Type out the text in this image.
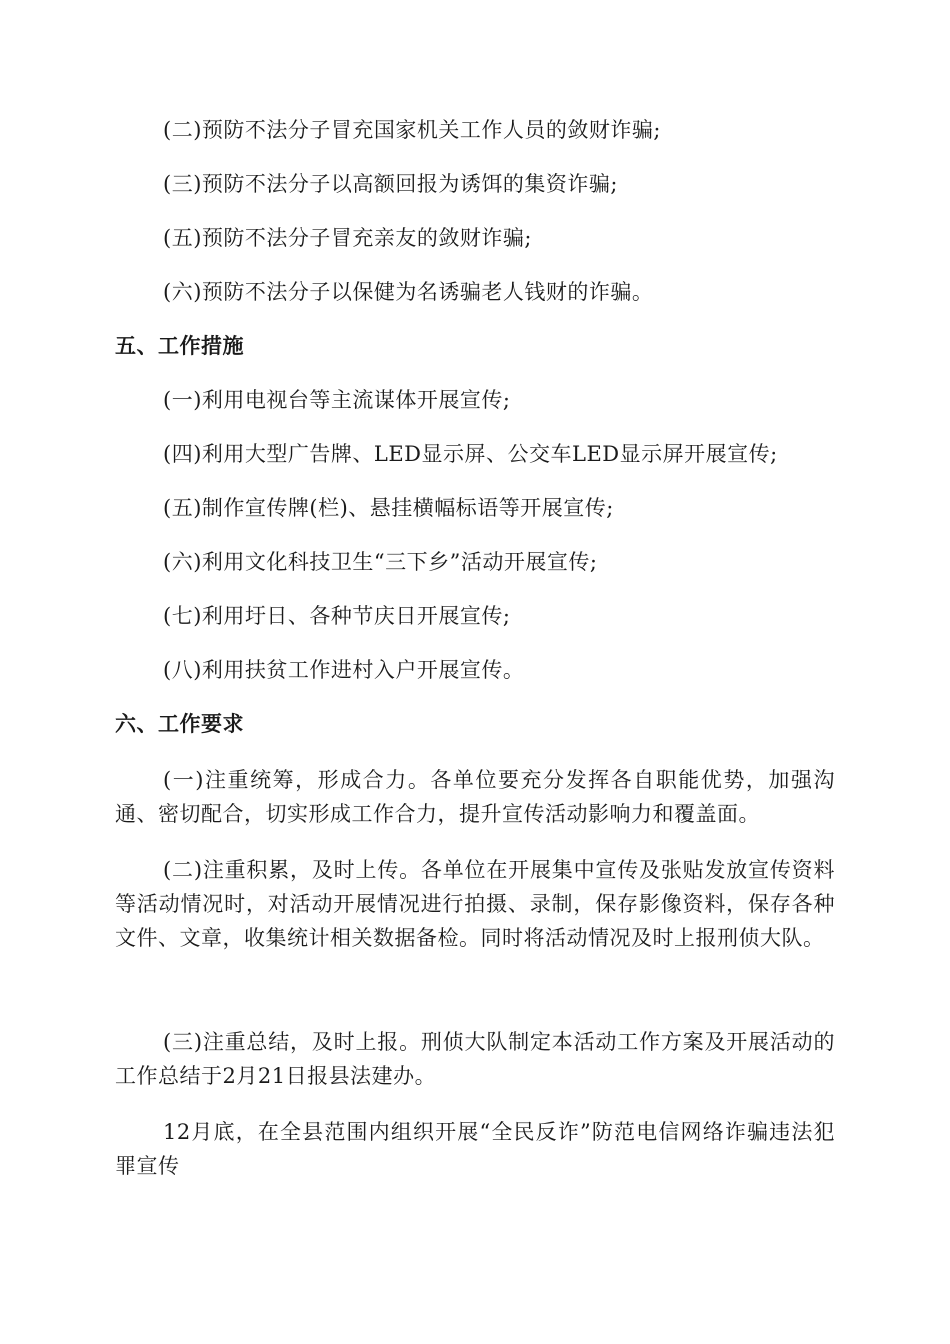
(二)预防不法分子冒充国家机关工作人员的敛财诈骗;
(三)预防不法分子以高额回报为诱饵的集资诈骗;
(五)预防不法分子冒充亲友的敛财诈骗;
(六)预防不法分子以保健为名诱骗老人钱财的诈骗。
五、工作措施
(一)利用电视台等主流谋体开展宣传;
(四)利用大型广告牌、LED显示屏、公交车LED显示屏开展宣传;
(五)制作宣传牌(栏)、悬挂横幅标语等开展宣传;
(六)利用文化科技卫生“三下乡”活动开展宣传;
(七)利用圩日、各种节庆日开展宣传;
(八)利用扶贫工作进村入户开展宣传。
六、工作要求
(一)注重统筹，形成合力。各单位要充分发挥各自职能优势，加强沟通、密切配合，切实形成工作合力，提升宣传活动影响力和覆盖面。
(二)注重积累，及时上传。各单位在开展集中宣传及张贴发放宣传资料等活动情况时，对活动开展情况进行拍摄、录制，保存影像资料，保存各种文件、文章，收集统计相关数据备检。同时将活动情况及时上报刑侦大队。
(三)注重总结，及时上报。刑侦大队制定本活动工作方案及开展活动的工作总结于2月21日报县法建办。
12月底，在全县范围内组织开展“全民反诈”防范电信网络诈骗违法犯罪宣传
